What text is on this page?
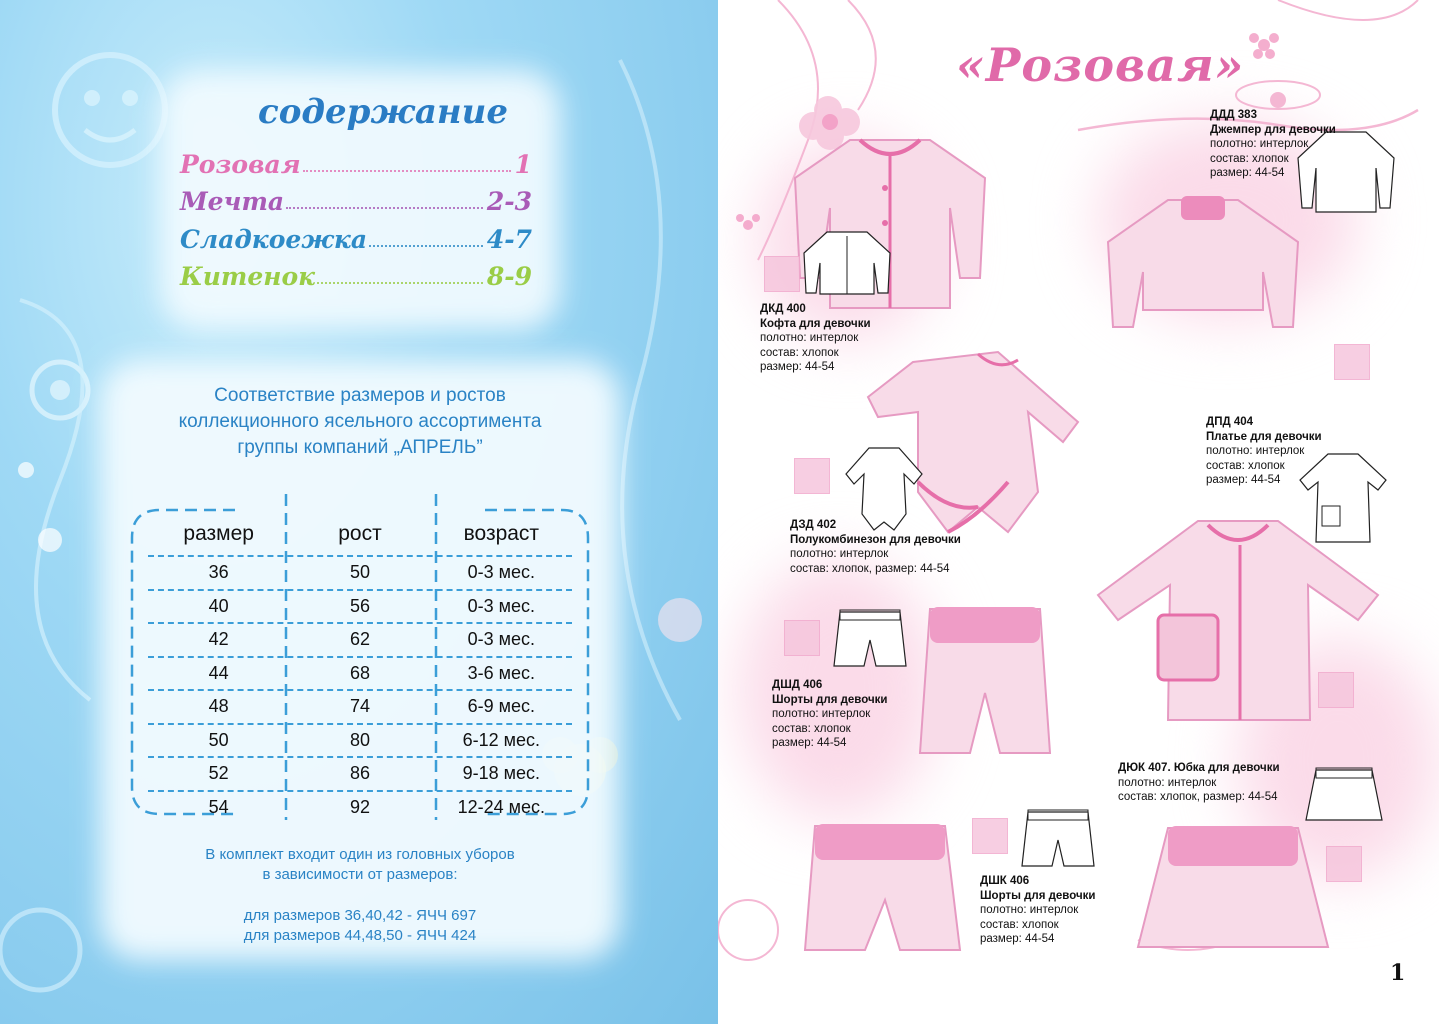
содержание
Розовая	1
Мечта	2-3
Сладкоежка	4-7
Китенок	8-9
Соответствие размеров и ростов
коллекционного ясельного ассортимента
группы компаний „АПРЕЛЬ”
размер	рост	возраст
36	50	0-3 мес.
40	56	0-3 мес.
42	62	0-3 мес.
44	68	3-6 мес.
48	74	6-9 мес.
50	80	6-12 мес.
52	86	9-18 мес.
54	92	12-24 мес.
В комплект входит один из головных уборов
в зависимости от размеров:
для размеров 36,40,42 - ЯЧЧ 697
для размеров 44,48,50 - ЯЧЧ 424
«Розовая»
ДДД 383
Джемпер для девочки
полотно: интерлок
состав: хлопок
размер: 44-54
ДКД 400
Кофта для девочки
полотно: интерлок
состав: хлопок
размер: 44-54
ДПД 404
Платье для девочки
полотно: интерлок
состав: хлопок
размер: 44-54
ДЗД 402
Полукомбинезон для девочки
полотно: интерлок
состав: хлопок, размер: 44-54
ДШД 406
Шорты для девочки
полотно: интерлок
состав: хлопок
размер: 44-54
ДЮК 407. Юбка для девочки
полотно: интерлок
состав: хлопок, размер: 44-54
ДШК 406
Шорты для девочки
полотно: интерлок
состав: хлопок
размер: 44-54
1
